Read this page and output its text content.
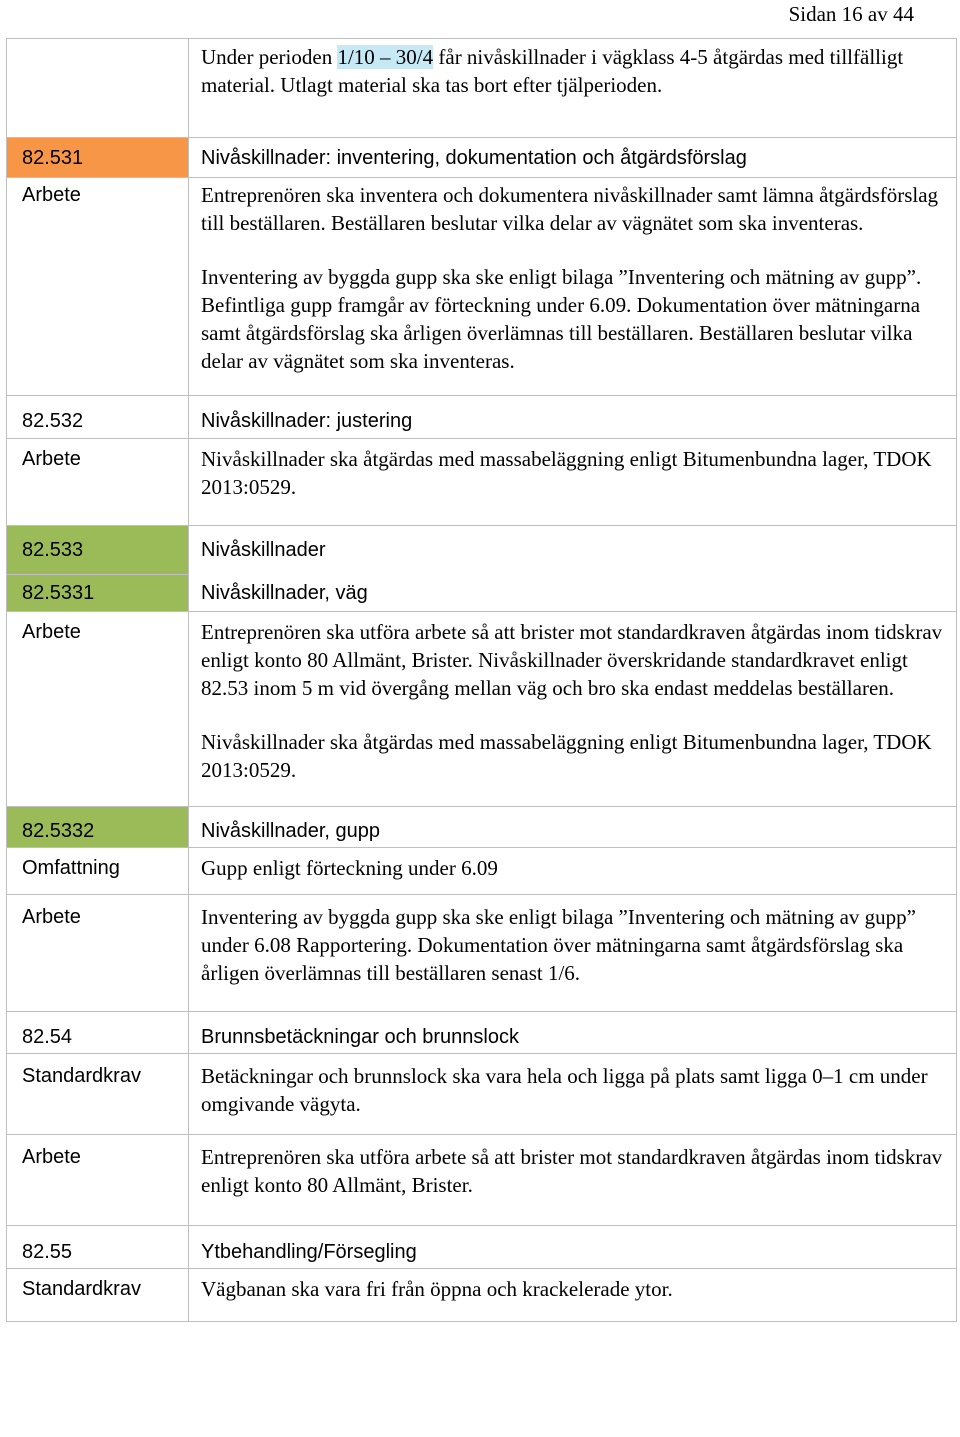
Sidan 16 av 44
	Under perioden 1/10 – 30/4 får nivåskillnader i vägklass 4-5 åtgärdas med tillfälligt material. Utlagt material ska tas bort efter tjälperioden.
82.531	Nivåskillnader: inventering, dokumentation och åtgärdsförslag
Arbete	Entreprenören ska inventera och dokumentera nivåskillnader samt lämna åtgärdsförslag till beställaren. Beställaren beslutar vilka delar av vägnätet som ska inventeras.

Inventering av byggda gupp ska ske enligt bilaga ”Inventering och mätning av gupp”. Befintliga gupp framgår av förteckning under 6.09. Dokumentation över mätningarna samt åtgärdsförslag ska årligen överlämnas till beställaren. Beställaren beslutar vilka delar av vägnätet som ska inventeras.

82.532	Nivåskillnader: justering
Arbete	Nivåskillnader ska åtgärdas med massabeläggning enligt Bitumenbundna lager, TDOK 2013:0529.

82.533	Nivåskillnader
82.5331	Nivåskillnader, väg
Arbete	Entreprenören ska utföra arbete så att brister mot standardkraven åtgärdas inom tidskrav enligt konto 80 Allmänt, Brister. Nivåskillnader överskridande standardkravet enligt 82.53 inom 5 m vid övergång mellan väg och bro ska endast meddelas beställaren.

Nivåskillnader ska åtgärdas med massabeläggning enligt Bitumenbundna lager, TDOK 2013:0529.

82.5332	Nivåskillnader, gupp
Omfattning	Gupp enligt förteckning under 6.09
Arbete	Inventering av byggda gupp ska ske enligt bilaga ”Inventering och mätning av gupp” under 6.08 Rapportering. Dokumentation över mätningarna samt åtgärdsförslag ska årligen överlämnas till beställaren senast 1/6.

82.54	Brunnsbetäckningar och brunnslock
Standardkrav	Betäckningar och brunnslock ska vara hela och ligga på plats samt ligga 0–1 cm under omgivande vägyta.

Arbete	Entreprenören ska utföra arbete så att brister mot standardkraven åtgärdas inom tidskrav enligt konto 80 Allmänt, Brister.

82.55	Ytbehandling/Försegling
Standardkrav	Vägbanan ska vara fri från öppna och krackelerade ytor.
